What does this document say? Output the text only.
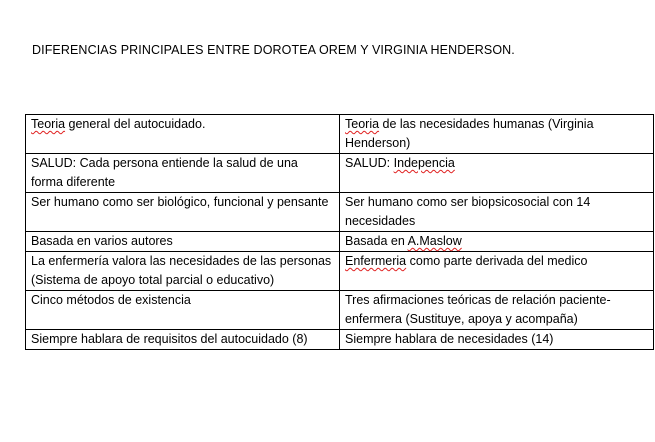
DIFERENCIAS PRINCIPALES ENTRE DOROTEA OREM Y VIRGINIA HENDERSON.
Teoria general del autocuidado.	Teoria de las necesidades humanas (Virginia Henderson)
SALUD: Cada persona entiende la salud de una forma diferente	SALUD: Indepencia
Ser humano como ser biológico, funcional y pensante	Ser humano como ser biopsicosocial con 14 necesidades
Basada en varios autores	Basada en A.Maslow
La enfermería valora las necesidades de las personas (Sistema de apoyo total parcial o educativo)	Enfermeria como parte derivada del medico
Cinco métodos de existencia	Tres afirmaciones teóricas de relación paciente-enfermera (Sustituye, apoya y acompaña)
Siempre hablara de requisitos del autocuidado (8)	Siempre hablara de necesidades (14)
